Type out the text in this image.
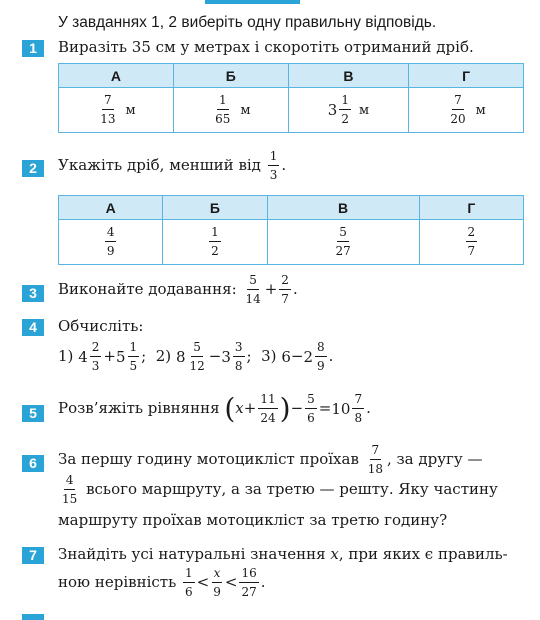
У завданнях 1, 2 виберіть одну правильну відповідь.
1	Виразіть 35 см у метрах і скоротіть отриманий дріб.
А	Б	В	Г

$\frac{7}{13}$ м	$\frac{1}{65}$ м	$3 \frac{1}{2}$ м	$\frac{7}{20}$ м
2	Укажіть дріб, менший від $\frac{1}{3}$ .
А	Б	В	Г

$\frac{4}{9}$	$\frac{1}{2}$	$\frac{5}{27}$	$\frac{2}{7}$
3	Виконайте додавання: $\frac{5}{14} + \frac{2}{7}$ .
4	Обчисліть:
1) $4 \frac{2}{3} +5 \frac{1}{5}$ ; 2) $8 \frac{5}{12} -3 \frac{3}{8}$ ; 3) $6-2 \frac{8}{9}$ .
5	Розв’яжіть рівняння ($x+ \frac{11}{24}$ )− $\frac{5}{6} =10 \frac{7}{8}$ .
6	За першу годину мотоцикліст проїхав $\frac{7}{18}$ , за другу —
$\frac{4}{15}$ всього маршруту, а за третю — решту. Яку частину
маршруту проїхав мотоцикліст за третю годину?
7	Знайдіть усі натуральні значення x, при яких є правиль-
ною нерівність $\frac{1}{6} < \frac{x}{9} < \frac{16}{27}$ .
